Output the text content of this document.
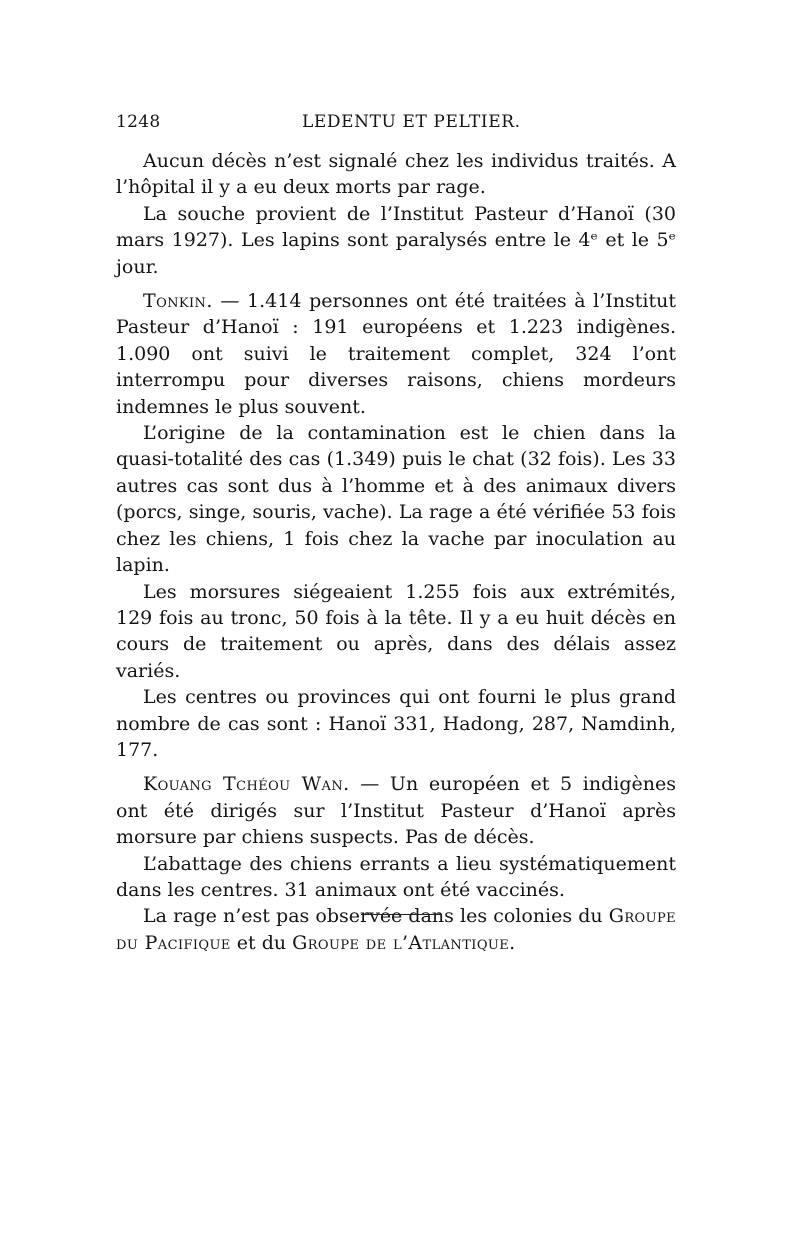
1248	LEDENTU ET PELTIER.

Aucun décès n’est signalé chez les individus traités. A l’hôpital il y a eu deux morts par rage.

La souche provient de l’Institut Pasteur d’Hanoï (30 mars 1927). Les lapins sont paralysés entre le 4ᵉ et le 5ᵉ jour.

Tonkin. — 1.414 personnes ont été traitées à l’Institut Pasteur d’Hanoï : 191 européens et 1.223 indigènes. 1.090 ont suivi le traitement complet, 324 l’ont interrompu pour diverses raisons, chiens mordeurs indemnes le plus souvent.

L’origine de la contamination est le chien dans la quasi-totalité des cas (1.349) puis le chat (32 fois). Les 33 autres cas sont dus à l’homme et à des animaux divers (porcs, singe, souris, vache). La rage a été vérifiée 53 fois chez les chiens, 1 fois chez la vache par inoculation au lapin.

Les morsures siégeaient 1.255 fois aux extrémités, 129 fois au tronc, 50 fois à la tête. Il y a eu huit décès en cours de traitement ou après, dans des délais assez variés.

Les centres ou provinces qui ont fourni le plus grand nombre de cas sont : Hanoï 331, Hadong, 287, Namdinh, 177.

Kouang Tchéou Wan. — Un européen et 5 indigènes ont été dirigés sur l’Institut Pasteur d’Hanoï après morsure par chiens suspects. Pas de décès.

L’abattage des chiens errants a lieu systématiquement dans les centres. 31 animaux ont été vaccinés.

La rage n’est pas observée dans les colonies du Groupe du Pacifique et du Groupe de l’Atlantique.
